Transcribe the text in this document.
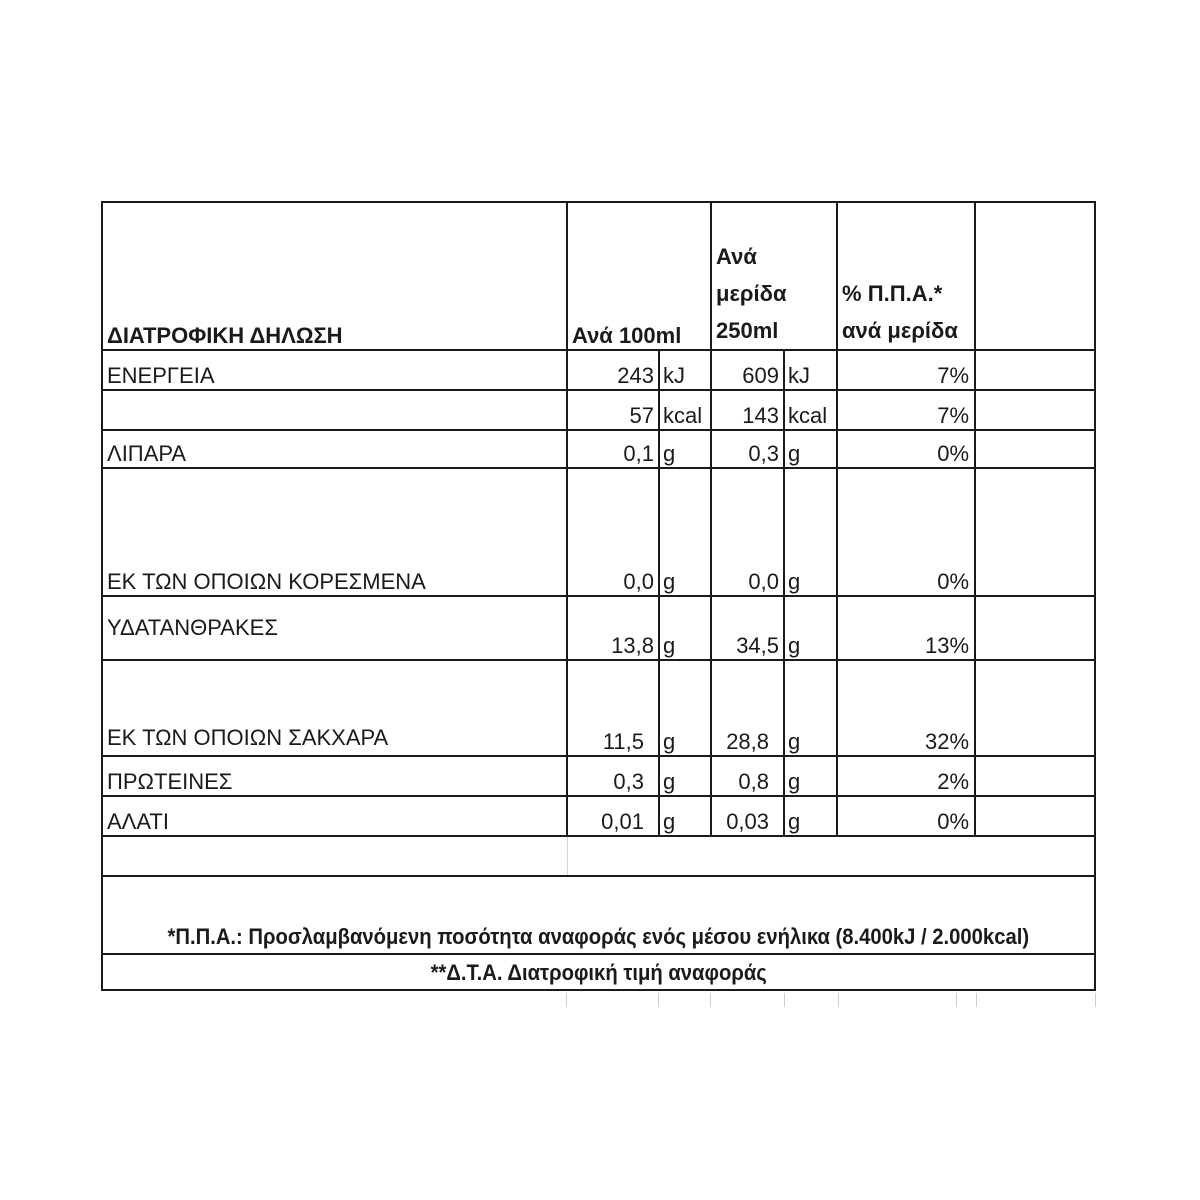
ΔΙΑΤΡΟΦΙΚΗ ΔΗΛΩΣΗ	Ανά 100ml		Ανά μερίδα 250ml		% Π.Π.Α.* ανά μερίδα	
ΕΝΕΡΓΕΙΑ	243	kJ	609	kJ	7%	
	57	kcal	143	kcal	7%	
ΛΙΠΑΡΑ	0,1	g	0,3	g	0%	
ΕΚ ΤΩΝ ΟΠΟΙΩΝ ΚΟΡΕΣΜΕΝΑ	0,0	g	0,0	g	0%	
ΥΔΑΤΑΝΘΡΑΚΕΣ	13,8	g	34,5	g	13%	
ΕΚ ΤΩΝ ΟΠΟΙΩΝ ΣΑΚΧΑΡΑ	11,5	g	28,8	g	32%	
ΠΡΩΤΕΙΝΕΣ	0,3	g	0,8	g	2%	
ΑΛΑΤΙ	0,01	g	0,03	g	0%	

*Π.Π.Α.: Προσλαμβανόμενη ποσότητα αναφοράς ενός μέσου ενήλικα (8.400kJ / 2.000kcal)						
**Δ.Τ.Α. Διατροφική τιμή αναφοράς						
